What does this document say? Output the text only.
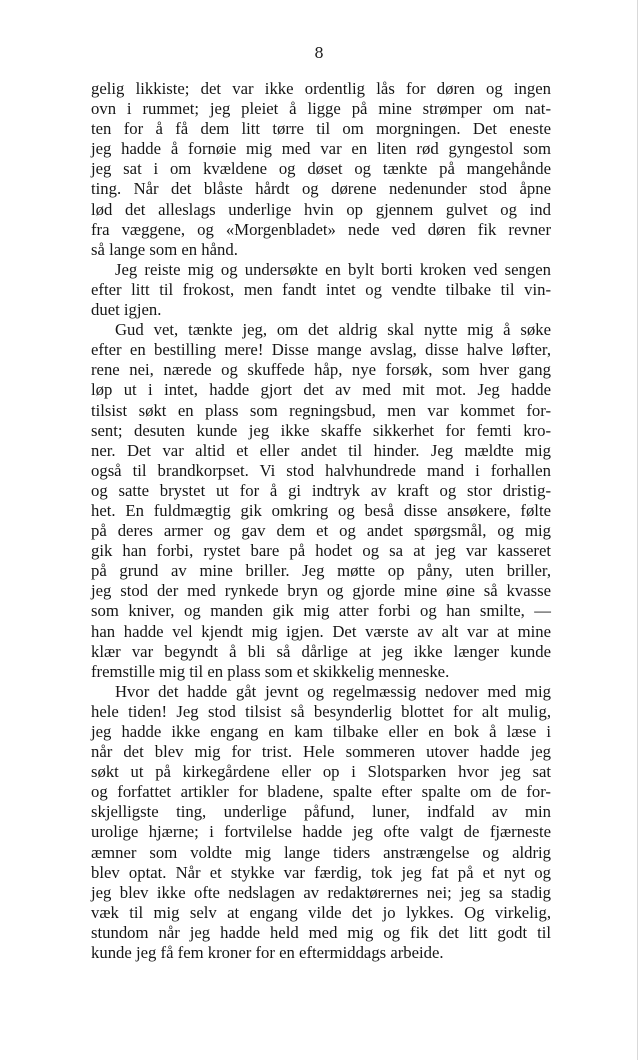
8
gelig likkiste; det var ikke ordentlig lås for døren og ingen
ovn i rummet; jeg pleiet å ligge på mine strømper om nat-
ten for å få dem litt tørre til om morgningen. Det eneste
jeg hadde å fornøie mig med var en liten rød gyngestol som
jeg sat i om kvældene og døset og tænkte på mangehånde
ting. Når det blåste hårdt og dørene nedenunder stod åpne
lød det alleslags underlige hvin op gjennem gulvet og ind
fra væggene, og «Morgenbladet» nede ved døren fik revner
så lange som en hånd.
Jeg reiste mig og undersøkte en bylt borti kroken ved sengen
efter litt til frokost, men fandt intet og vendte tilbake til vin-
duet igjen.
Gud vet, tænkte jeg, om det aldrig skal nytte mig å søke
efter en bestilling mere! Disse mange avslag, disse halve løfter,
rene nei, nærede og skuffede håp, nye forsøk, som hver gang
løp ut i intet, hadde gjort det av med mit mot. Jeg hadde
tilsist søkt en plass som regningsbud, men var kommet for-
sent; desuten kunde jeg ikke skaffe sikkerhet for femti kro-
ner. Det var altid et eller andet til hinder. Jeg mældte mig
også til brandkorpset. Vi stod halvhundrede mand i forhallen
og satte brystet ut for å gi indtryk av kraft og stor dristig-
het. En fuldmægtig gik omkring og beså disse ansøkere, følte
på deres armer og gav dem et og andet spørgsmål, og mig
gik han forbi, rystet bare på hodet og sa at jeg var kasseret
på grund av mine briller. Jeg møtte op påny, uten briller,
jeg stod der med rynkede bryn og gjorde mine øine så kvasse
som kniver, og manden gik mig atter forbi og han smilte, —
han hadde vel kjendt mig igjen. Det værste av alt var at mine
klær var begyndt å bli så dårlige at jeg ikke længer kunde
fremstille mig til en plass som et skikkelig menneske.
Hvor det hadde gåt jevnt og regelmæssig nedover med mig
hele tiden! Jeg stod tilsist så besynderlig blottet for alt mulig,
jeg hadde ikke engang en kam tilbake eller en bok å læse i
når det blev mig for trist. Hele sommeren utover hadde jeg
søkt ut på kirkegårdene eller op i Slotsparken hvor jeg sat
og forfattet artikler for bladene, spalte efter spalte om de for-
skjelligste ting, underlige påfund, luner, indfald av min
urolige hjærne; i fortvilelse hadde jeg ofte valgt de fjærneste
æmner som voldte mig lange tiders anstrængelse og aldrig
blev optat. Når et stykke var færdig, tok jeg fat på et nyt og
jeg blev ikke ofte nedslagen av redaktørernes nei; jeg sa stadig
væk til mig selv at engang vilde det jo lykkes. Og virkelig,
stundom når jeg hadde held med mig og fik det litt godt til
kunde jeg få fem kroner for en eftermiddags arbeide.
